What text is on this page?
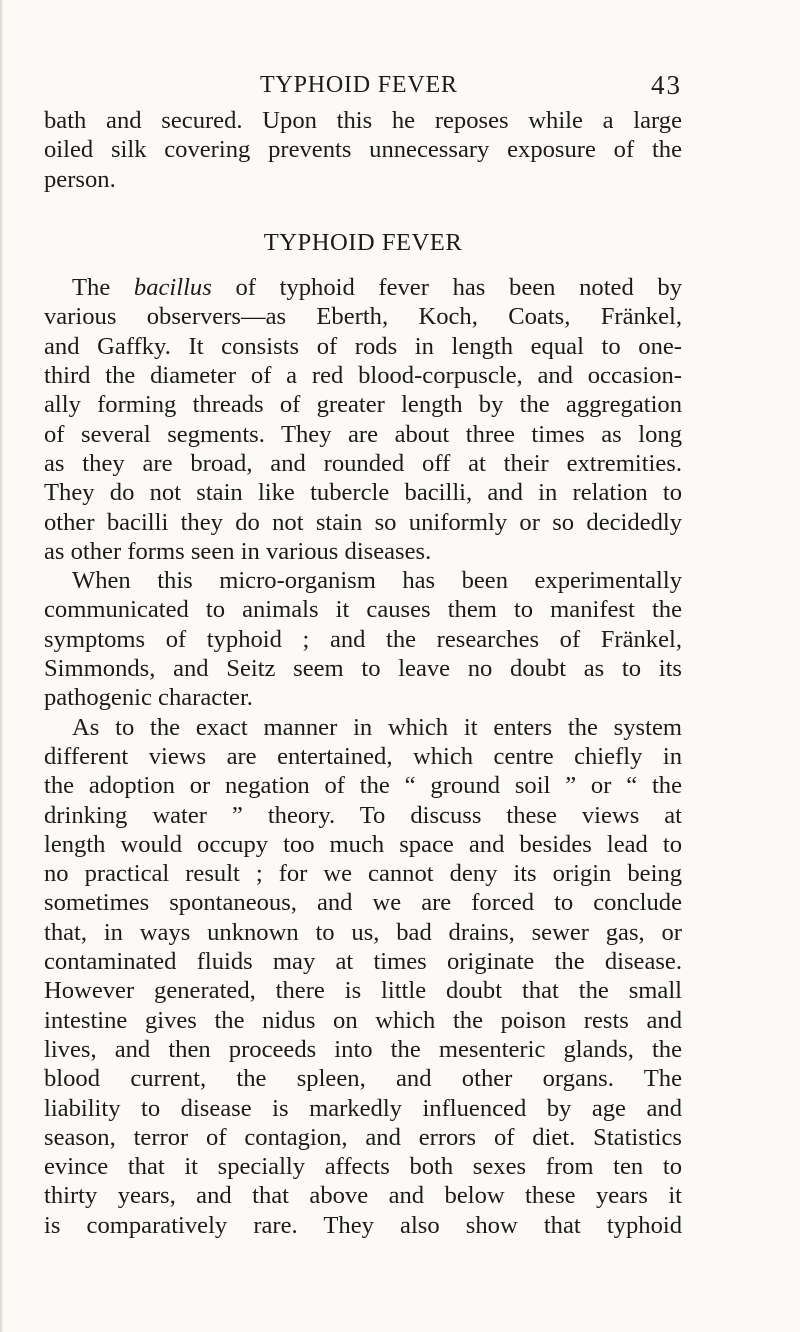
TYPHOID FEVER	43

bath and secured. Upon this he reposes while a large
oiled silk covering prevents unnecessary exposure of the
person.

TYPHOID FEVER

The bacillus of typhoid fever has been noted by
various observers—as Eberth, Koch, Coats, Fränkel,
and Gaffky. It consists of rods in length equal to one-
third the diameter of a red blood-corpuscle, and occasion-
ally forming threads of greater length by the aggregation
of several segments. They are about three times as long
as they are broad, and rounded off at their extremities.
They do not stain like tubercle bacilli, and in relation to
other bacilli they do not stain so uniformly or so decidedly
as other forms seen in various diseases.

When this micro-organism has been experimentally
communicated to animals it causes them to manifest the
symptoms of typhoid ; and the researches of Fränkel,
Simmonds, and Seitz seem to leave no doubt as to its
pathogenic character.

As to the exact manner in which it enters the system
different views are entertained, which centre chiefly in
the adoption or negation of the “ ground soil ” or “ the
drinking water ” theory. To discuss these views at
length would occupy too much space and besides lead to
no practical result ; for we cannot deny its origin being
sometimes spontaneous, and we are forced to conclude
that, in ways unknown to us, bad drains, sewer gas, or
contaminated fluids may at times originate the disease.
However generated, there is little doubt that the small
intestine gives the nidus on which the poison rests and
lives, and then proceeds into the mesenteric glands, the
blood current, the spleen, and other organs. The
liability to disease is markedly influenced by age and
season, terror of contagion, and errors of diet. Statistics
evince that it specially affects both sexes from ten to
thirty years, and that above and below these years it
is comparatively rare. They also show that typhoid
